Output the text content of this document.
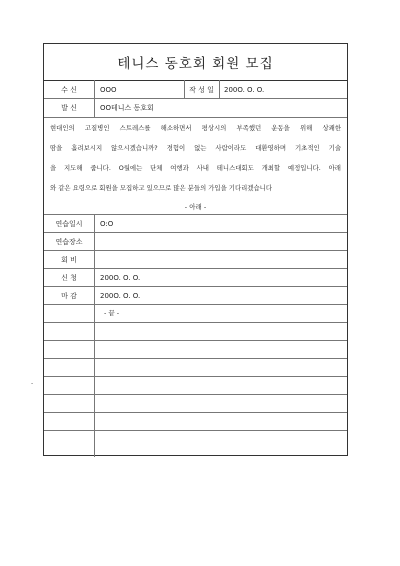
테니스 동호회 회원 모집
수 신	OOO	작 성 일	200O. O. O.
발 신	OO테니스 동호회
현대인의 고질병인 스트레스를 해소하면서 평상시의 부족했던 운동을 위해 상쾌한
땀을 흘려보시지 않으시겠습니까? 경험이 없는 사람이라도 대환영하며 기초적인 기술
을 지도해 줍니다. O월에는 단체 여행과 사내 테니스대회도 개최할 예정입니다. 아래
와 같은 요령으로 회원을 모집하고 있으므로 많은 분들의 가입을 기다리겠습니다
- 아래 -
연습일시	O:O
연습장소
회 비
신 청	200O. O. O.
마 감	200O. O. O.
- 끝 -
-
